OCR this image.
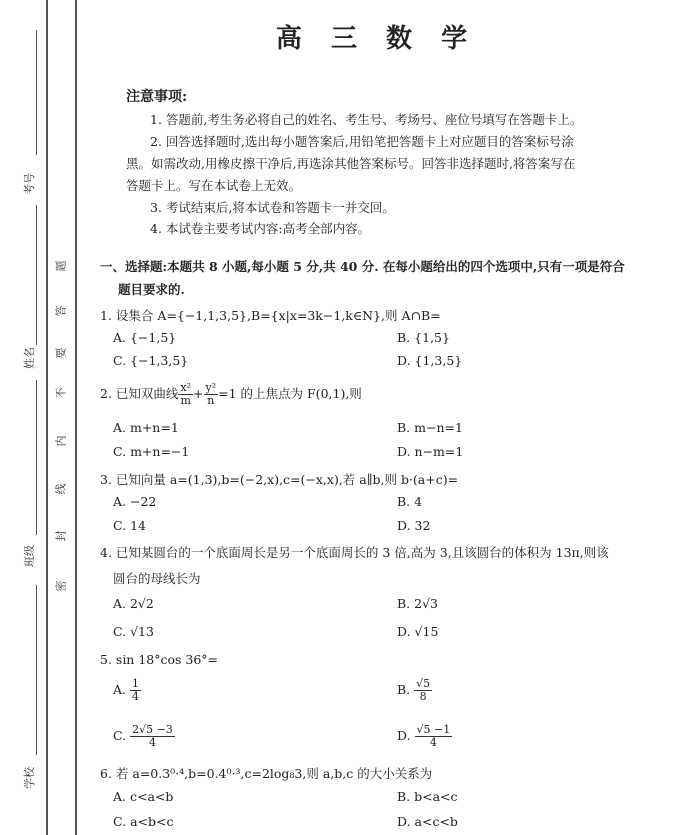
考号
姓名
班级
学校
密
封
线
内
不
要
答
题
高 三 数 学
注意事项:
1. 答题前,考生务必将自己的姓名、考生号、考场号、座位号填写在答题卡上。
2. 回答选择题时,选出每小题答案后,用铅笔把答题卡上对应题目的答案标号涂
黑。如需改动,用橡皮擦干净后,再选涂其他答案标号。回答非选择题时,将答案写在
答题卡上。写在本试卷上无效。
3. 考试结束后,将本试卷和答题卡一并交回。
4. 本试卷主要考试内容:高考全部内容。
一、选择题:本题共 8 小题,每小题 5 分,共 40 分. 在每小题给出的四个选项中,只有一项是符合
题目要求的.
1. 设集合 A={−1,1,3,5},B={x|x=3k−1,k∈N},则 A∩B=
A. {−1,5}	B. {1,5}
C. {−1,3,5}	D. {1,3,5}
2. 已知双曲线 $\frac{\text{x²}}{m} + \frac{\text{y²}}{n} =1$ 的上焦点为 F(0,1),则
A. m+n=1	B. m−n=1
C. m+n=−1	D. n−m=1
3. 已知向量 a=(1,3),b=(−2,x),c=(−x,x),若 a∥b,则 b·(a+c)=
A. −22	B. 4
C. 14	D. 32
4. 已知某圆台的一个底面周长是另一个底面周长的 3 倍,高为 3,且该圆台的体积为 13π,则该
圆台的母线长为
A. 2√2	B. 2√3
C. √13	D. √15
5. sin 18°cos 36°=
A. $\frac{1}{4}$	B. $\frac{√5}{8}$
C. $\frac{2√5 -3}{4}$	D. $\frac{√5 -1}{4}$
6. 若 a=0.3⁰·⁴,b=0.4⁰·³,c=2log₈3,则 a,b,c 的大小关系为
A. c<a<b	B. b<a<c
C. a<b<c	D. a<c<b
